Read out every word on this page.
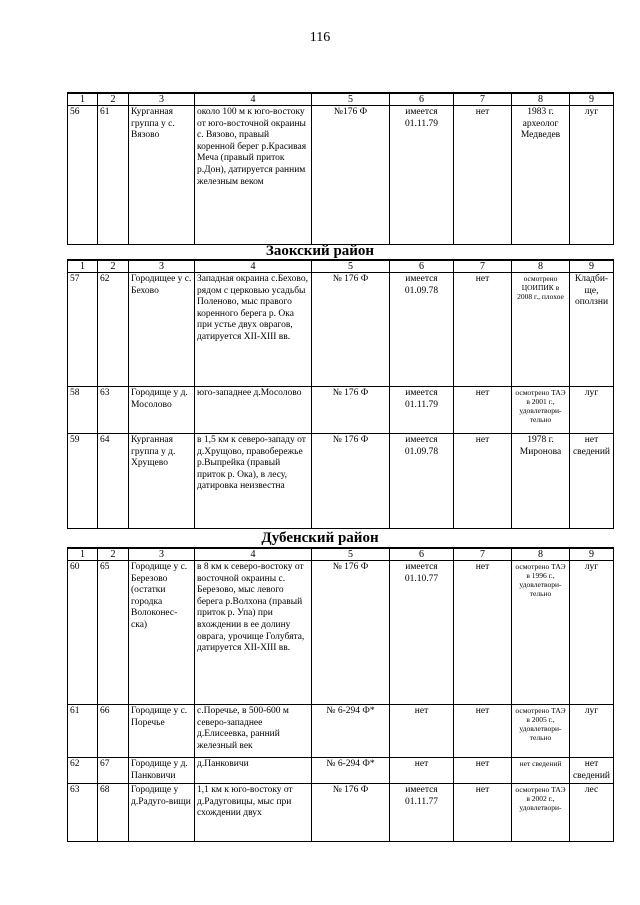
116
1	2	3	4	5	6	7	8	9
56	61	Курганная группа у с. Вязово	около 100 м к юго-востоку от юго-восточной окраины с. Вязово, правый коренной берег р.Красивая Меча (правый приток р.Дон), датируется ранним железным веком	№176 Ф	имеется 01.11.79	нет	1983 г. археолог Медведев	луг
Заокский район
1	2	3	4	5	6	7	8	9
57	62	Городищее у с. Бехово	Западная окраина с.Бехово, рядом с церковью усадьбы Поленово, мыс правого коренного берега р. Ока при устье двух оврагов, датируется XII-XIII вв.	№ 176 Ф	имеется 01.09.78	нет	осмотрено ЦОИПИК в 2008 г., плохое	Кладби-ще, оползни
58	63	Городище у д. Мосолово	юго-западнее д.Мосолово	№ 176 Ф	имеется 01.11.79	нет	осмотрено ТАЭ в 2001 г., удовлетвори-тельно	луг
59	64	Курганная группа у д. Хрущево	в 1,5 км к северо-западу от д.Хрущово, правобережье р.Выпрейка (правый приток р. Ока), в лесу, датировка неизвестна	№ 176 Ф	имеется 01.09.78	нет	1978 г. Миронова	нет сведений
Дубенский район
1	2	3	4	5	6	7	8	9
60	65	Городище у с. Березово (остатки городка Волоконес-ска)	в 8 км к северо-востоку от восточной окраины с. Березово, мыс левого берега р.Волхона (правый приток р. Упа) при вхождении в ее долину оврага, урочище Голубята, датируется XII-XIII вв.	№ 176 Ф	имеется 01.10.77	нет	осмотрено ТАЭ в 1996 г., удовлетвори-тельно	луг
61	66	Городище у с. Поречье	с.Поречье, в 500-600 м северо-западнее д.Елисеевка, ранний железный век	№ 6-294 Ф*	нет	нет	осмотрено ТАЭ в 2005 г., удовлетвори-тельно	луг
62	67	Городище у д. Панковичи	д.Панковичи	№ 6-294 Ф*	нет	нет	нет сведений	нет сведений
63	68	Городище у д.Радуго-вищи	1,1 км к юго-востоку от д.Радуговицы, мыс при схождении двух	№ 176 Ф	имеется 01.11.77	нет	осмотрено ТАЭ в 2002 г., удовлетвори-	лес
